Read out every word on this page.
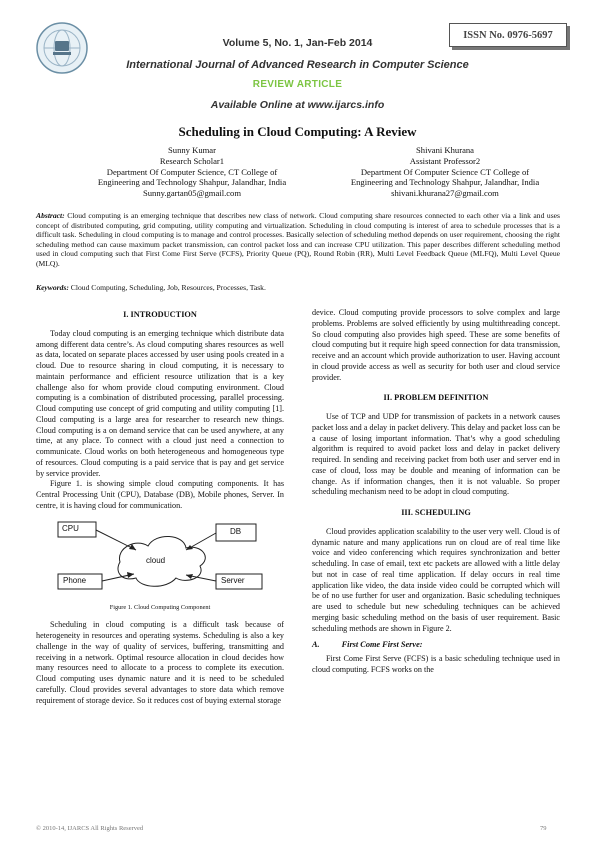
Volume 5, No. 1, Jan-Feb 2014
ISSN No. 0976-5697
International Journal of Advanced Research in Computer Science
REVIEW ARTICLE
Available Online at www.ijarcs.info
Scheduling in Cloud Computing: A Review
Sunny Kumar
Research Scholar1
Department Of Computer Science, CT College of
Engineering and Technology Shahpur, Jalandhar, India
Sunny.gartan05@gmail.com
Shivani Khurana
Assistant Professor2
Department Of Computer Science CT College of
Engineering and Technology Shahpur, Jalandhar, India
shivani.khurana27@gmail.com
Abstract: Cloud computing is an emerging technique that describes new class of network. Cloud computing share resources connected to each other via a link and uses concept of distributed computing, grid computing, utility computing and virtualization. Scheduling in cloud computing is interest of area to schedule processes that is a difficult task. Scheduling in cloud computing is to manage and control processes. Basically selection of scheduling method depends on user requirement, choosing the right scheduling method can cause maximum packet transmission, can control packet loss and can increase CPU utilization. This paper describes different scheduling method used in cloud computing such that First Come First Serve (FCFS), Priority Queue (PQ), Round Robin (RR), Multi Level Feedback Queue (MLFQ), Multi Level Queue (MLQ).
Keywords: Cloud Computing, Scheduling, Job, Resources, Processes, Task.
I. INTRODUCTION

Today cloud computing is an emerging technique which distribute data among different data centre’s. As cloud computing shares resources as well as data, located on separate places accessed by user using pools created in a cloud. Due to resource sharing in cloud computing, it is necessary to maintain performance and efficient resource utilization that is a key challenge also for whom provide cloud computing environment. Cloud computing is a combination of distributed processing, parallel processing. Cloud computing use concept of grid computing and utility computing [1]. Cloud computing is a large area for researcher to research new things. Cloud computing is a on demand service that can be used anywhere, at any time, at any place. To connect with a cloud just need a connection to communicate. Cloud works on both heterogeneous and homogeneous type of resources. Cloud computing is a paid service that is pay and get service by service provider.

Figure 1. is showing simple cloud computing components. It has Central Processing Unit (CPU), Database (DB), Mobile phones, Server. In centre, it is having cloud for communication.

CPU	DB
cloud
Phone	Server
Figure 1. Cloud Computing Component

Scheduling in cloud computing is a difficult task because of heterogeneity in resources and operating systems. Scheduling is also a key challenge in the way of quality of services, buffering, transmitting and receiving in a network. Optimal resource allocation in cloud decides how many resources need to allocate to a process to complete its execution. Cloud computing uses dynamic nature and it is need to be scheduled carefully. Cloud provides several advantages to store data which remove requirement of storage device. So it reduces cost of buying external storage

device. Cloud computing provide processors to solve complex and large problems. Problems are solved efficiently by using multithreading concept. So cloud computing also provides high speed. These are some benefits of cloud computing but it require high speed connection for data transmission, receive and an account which provide authorization to user. Having account in cloud provide access as well as security for both user and cloud service provider.

II. PROBLEM DEFINITION

Use of TCP and UDP for transmission of packets in a network causes packet loss and a delay in packet delivery. This delay and packet loss can be a cause of losing important information. That’s why a good scheduling algorithm is required to avoid packet loss and delay in packet delivery required. In sending and receiving packet from both user and server end in case of cloud, loss may be double and meaning of information can be change. As if information changes, then it is not valuable. So proper scheduling mechanism need to be adopt in cloud computing.

III. SCHEDULING

Cloud provides application scalability to the user very well. Cloud is of dynamic nature and many applications run on cloud are of real time like voice and video conferencing which requires synchronization and better scheduling. In case of email, text etc packets are allowed with a little delay but not in case of real time application. If delay occurs in real time application like video, the data inside video could be corrupted which will be of no use further for user and organization. Basic scheduling techniques are used to schedule but new scheduling techniques can be achieved merging basic scheduling method on the basis of user requirement. Basic scheduling methods are shown in Figure 2.

A.	First Come First Serve:

First Come First Serve (FCFS) is a basic scheduling technique used in cloud computing. FCFS works on the

© 2010-14, IJARCS All Rights Reserved	79
